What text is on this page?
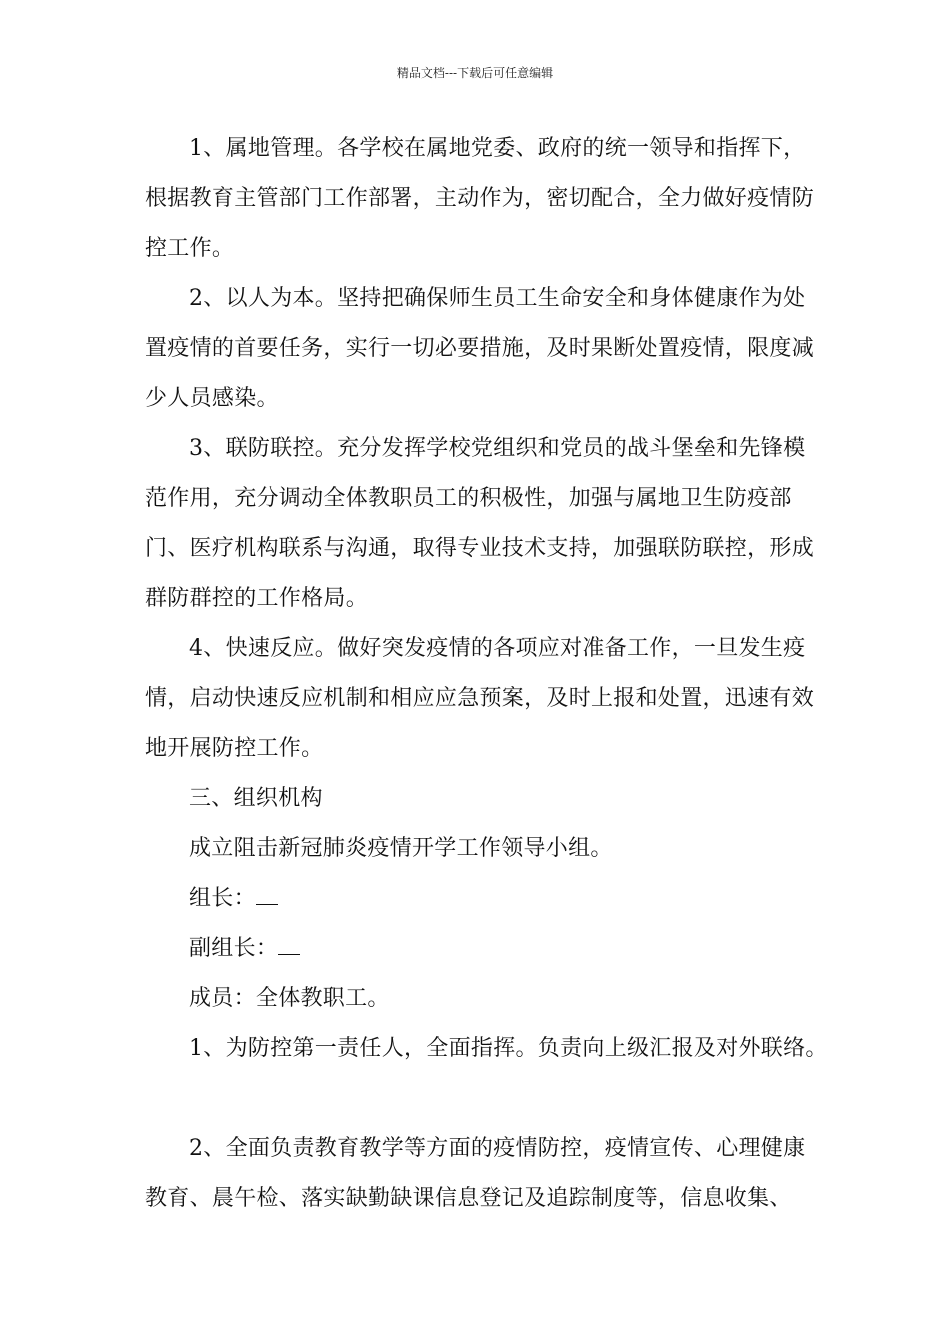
精品文档---下载后可任意编辑

1、属地管理。各学校在属地党委、政府的统一领导和指挥下，根据教育主管部门工作部署，主动作为，密切配合，全力做好疫情防控工作。

2、以人为本。坚持把确保师生员工生命安全和身体健康作为处置疫情的首要任务，实行一切必要措施，及时果断处置疫情，限度减少人员感染。

3、联防联控。充分发挥学校党组织和党员的战斗堡垒和先锋模范作用，充分调动全体教职员工的积极性，加强与属地卫生防疫部门、医疗机构联系与沟通，取得专业技术支持，加强联防联控，形成群防群控的工作格局。

4、快速反应。做好突发疫情的各项应对准备工作，一旦发生疫情，启动快速反应机制和相应应急预案，及时上报和处置，迅速有效地开展防控工作。

三、组织机构

成立阻击新冠肺炎疫情开学工作领导小组。

组长：

副组长：

成员：全体教职工。

1、为防控第一责任人，全面指挥。负责向上级汇报及对外联络。

2、全面负责教育教学等方面的疫情防控，疫情宣传、心理健康教育、晨午检、落实缺勤缺课信息登记及追踪制度等，信息收集、
